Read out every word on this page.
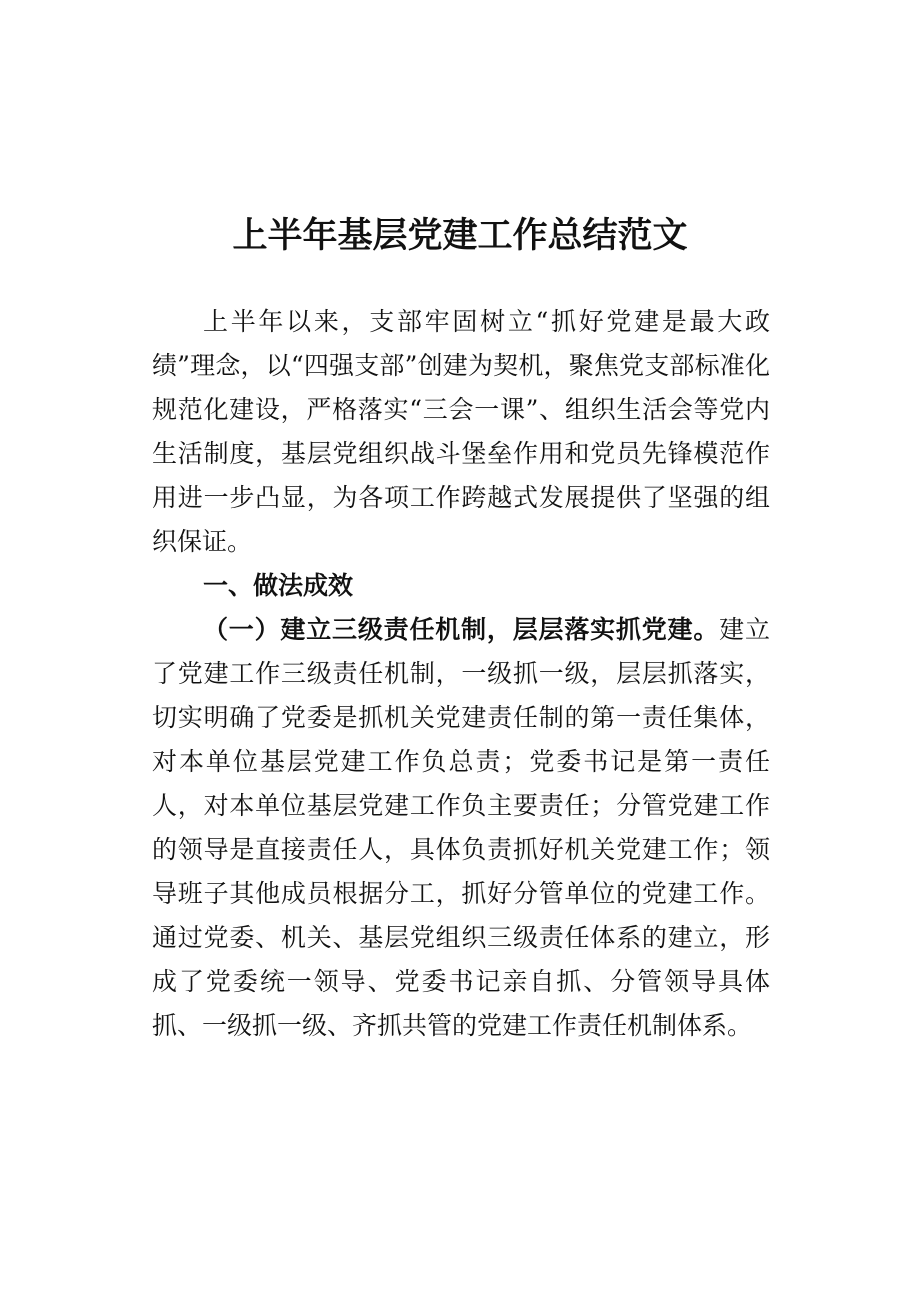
上半年基层党建工作总结范文

上半年以来，支部牢固树立“抓好党建是最大政绩”理念，以“四强支部”创建为契机，聚焦党支部标准化规范化建设，严格落实“三会一课”、组织生活会等党内生活制度，基层党组织战斗堡垒作用和党员先锋模范作用进一步凸显，为各项工作跨越式发展提供了坚强的组织保证。

一、做法成效

（一）建立三级责任机制，层层落实抓党建。建立了党建工作三级责任机制，一级抓一级，层层抓落实，切实明确了党委是抓机关党建责任制的第一责任集体，对本单位基层党建工作负总责；党委书记是第一责任人，对本单位基层党建工作负主要责任；分管党建工作的领导是直接责任人，具体负责抓好机关党建工作；领导班子其他成员根据分工，抓好分管单位的党建工作。通过党委、机关、基层党组织三级责任体系的建立，形成了党委统一领导、党委书记亲自抓、分管领导具体抓、一级抓一级、齐抓共管的党建工作责任机制体系。
